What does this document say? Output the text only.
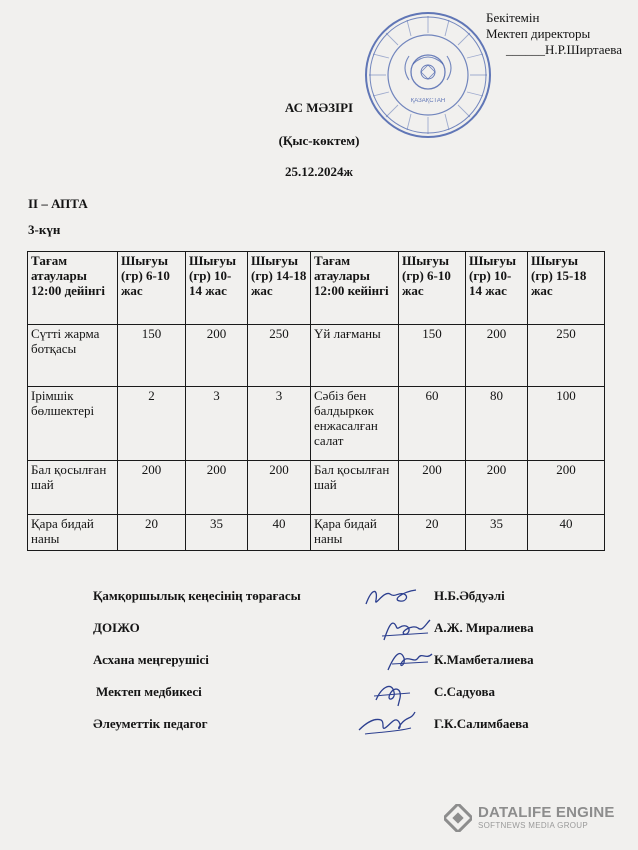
ҚАЗАҚСТАН
Бекітемін
Мектеп директоры
______Н.Р.Ширтаева
АС МӘЗІРІ
(Қыс-көктем)
25.12.2024ж
ІІ – АПТА
3-күн
Тағам атаулары 12:00 дейінгі	Шығуы (гр) 6-10 жас	Шығуы (гр) 10-14 жас	Шығуы (гр) 14-18 жас	Тағам атаулары 12:00 кейінгі	Шығуы (гр) 6-10 жас	Шығуы (гр) 10-14 жас	Шығуы (гр) 15-18 жас
Сүтті жарма ботқасы	150	200	250	Үй лағманы	150	200	250
Ірімшік бөлшектері	2	3	3	Сәбіз бен балдыркөк енжасалған салат	60	80	100
Бал қосылған шай	200	200	200	Бал қосылған шай	200	200	200
Қара бидай наны	20	35	40	Қара бидай наны	20	35	40
Қамқоршылық кеңесінің төрағасы	Н.Б.Әбдуәлі
ДОІЖО	А.Ж. Миралиева
Асхана меңгерушісі	К.Мамбеталиева
Мектеп медбикесі	С.Садуова
Әлеуметтік педагог	Г.К.Салимбаева
DATALIFE ENGINE
SOFTNEWS MEDIA GROUP
